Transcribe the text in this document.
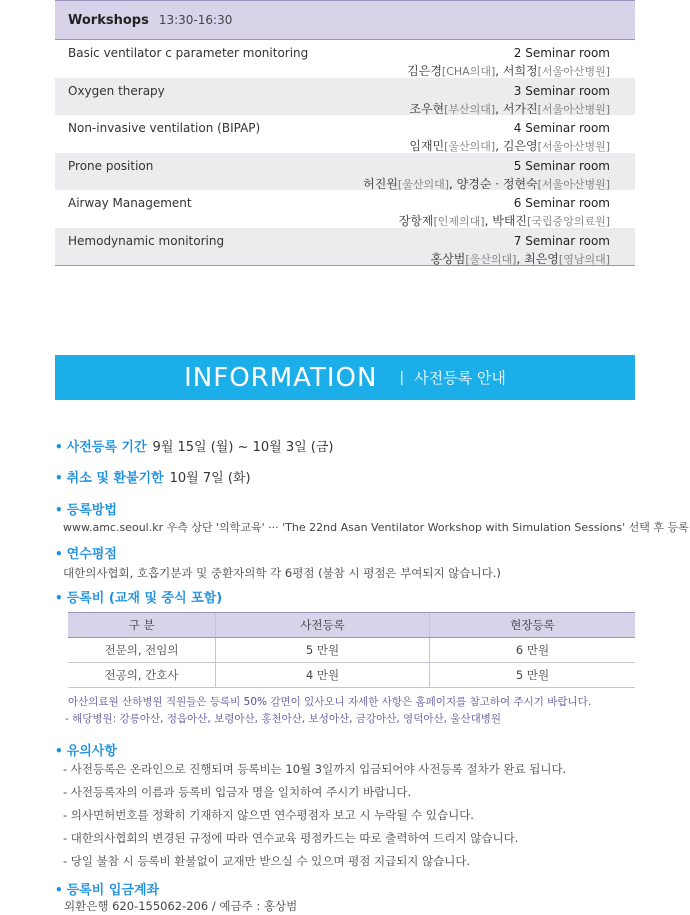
Workshops 13:30-16:30
Basic ventilator c parameter monitoring	2 Seminar room
김은경[CHA의대], 서희정[서울아산병원]
Oxygen therapy	3 Seminar room
조우현[부산의대], 서가진[서울아산병원]
Non-invasive ventilation (BIPAP)	4 Seminar room
임재민[울산의대], 김은영[서울아산병원]
Prone position	5 Seminar room
허진원[울산의대], 양경순 · 정현숙[서울아산병원]
Airway Management	6 Seminar room
장항제[인제의대], 박태진[국립중앙의료원]
Hemodynamic monitoring	7 Seminar room
홍상범[울산의대], 최은영[영남의대]
INFORMATION | 사전등록 안내
• 사전등록 기간 9월 15일 (월) ~ 10월 3일 (금)
• 취소 및 환불기한 10월 7일 (화)
• 등록방법
www.amc.seoul.kr 우측 상단 '의학교육' ··· 'The 22nd Asan Ventilator Workshop with Simulation Sessions' 선택 후 등록
• 연수평점
대한의사협회, 호흡기분과 및 중환자의학 각 6평점 (불참 시 평점은 부여되지 않습니다.)
• 등록비 (교재 및 중식 포함)
구 분	사전등록	현장등록
전문의, 전임의	5 만원	6 만원
전공의, 간호사	4 만원	5 만원
아산의료원 산하병원 직원들은 등록비 50% 감면이 있사오니 자세한 사항은 홈페이지를 참고하여 주시기 바랍니다.
- 해당병원: 강릉아산, 정읍아산, 보령아산, 홍천아산, 보성아산, 금강아산, 영덕아산, 울산대병원
• 유의사항
- 사전등록은 온라인으로 진행되며 등록비는 10월 3일까지 입금되어야 사전등록 절차가 완료 됩니다.
- 사전등록자의 이름과 등록비 입금자 명을 일치하여 주시기 바랍니다.
- 의사면허번호를 정확히 기재하지 않으면 연수평점자 보고 시 누락될 수 있습니다.
- 대한의사협회의 변경된 규정에 따라 연수교육 평점카드는 따로 출력하여 드리지 않습니다.
- 당일 불참 시 등록비 환불없이 교재만 받으실 수 있으며 평점 지급되지 않습니다.
• 등록비 입금계좌
외환은행 620-155062-206 / 예금주 : 홍상범
